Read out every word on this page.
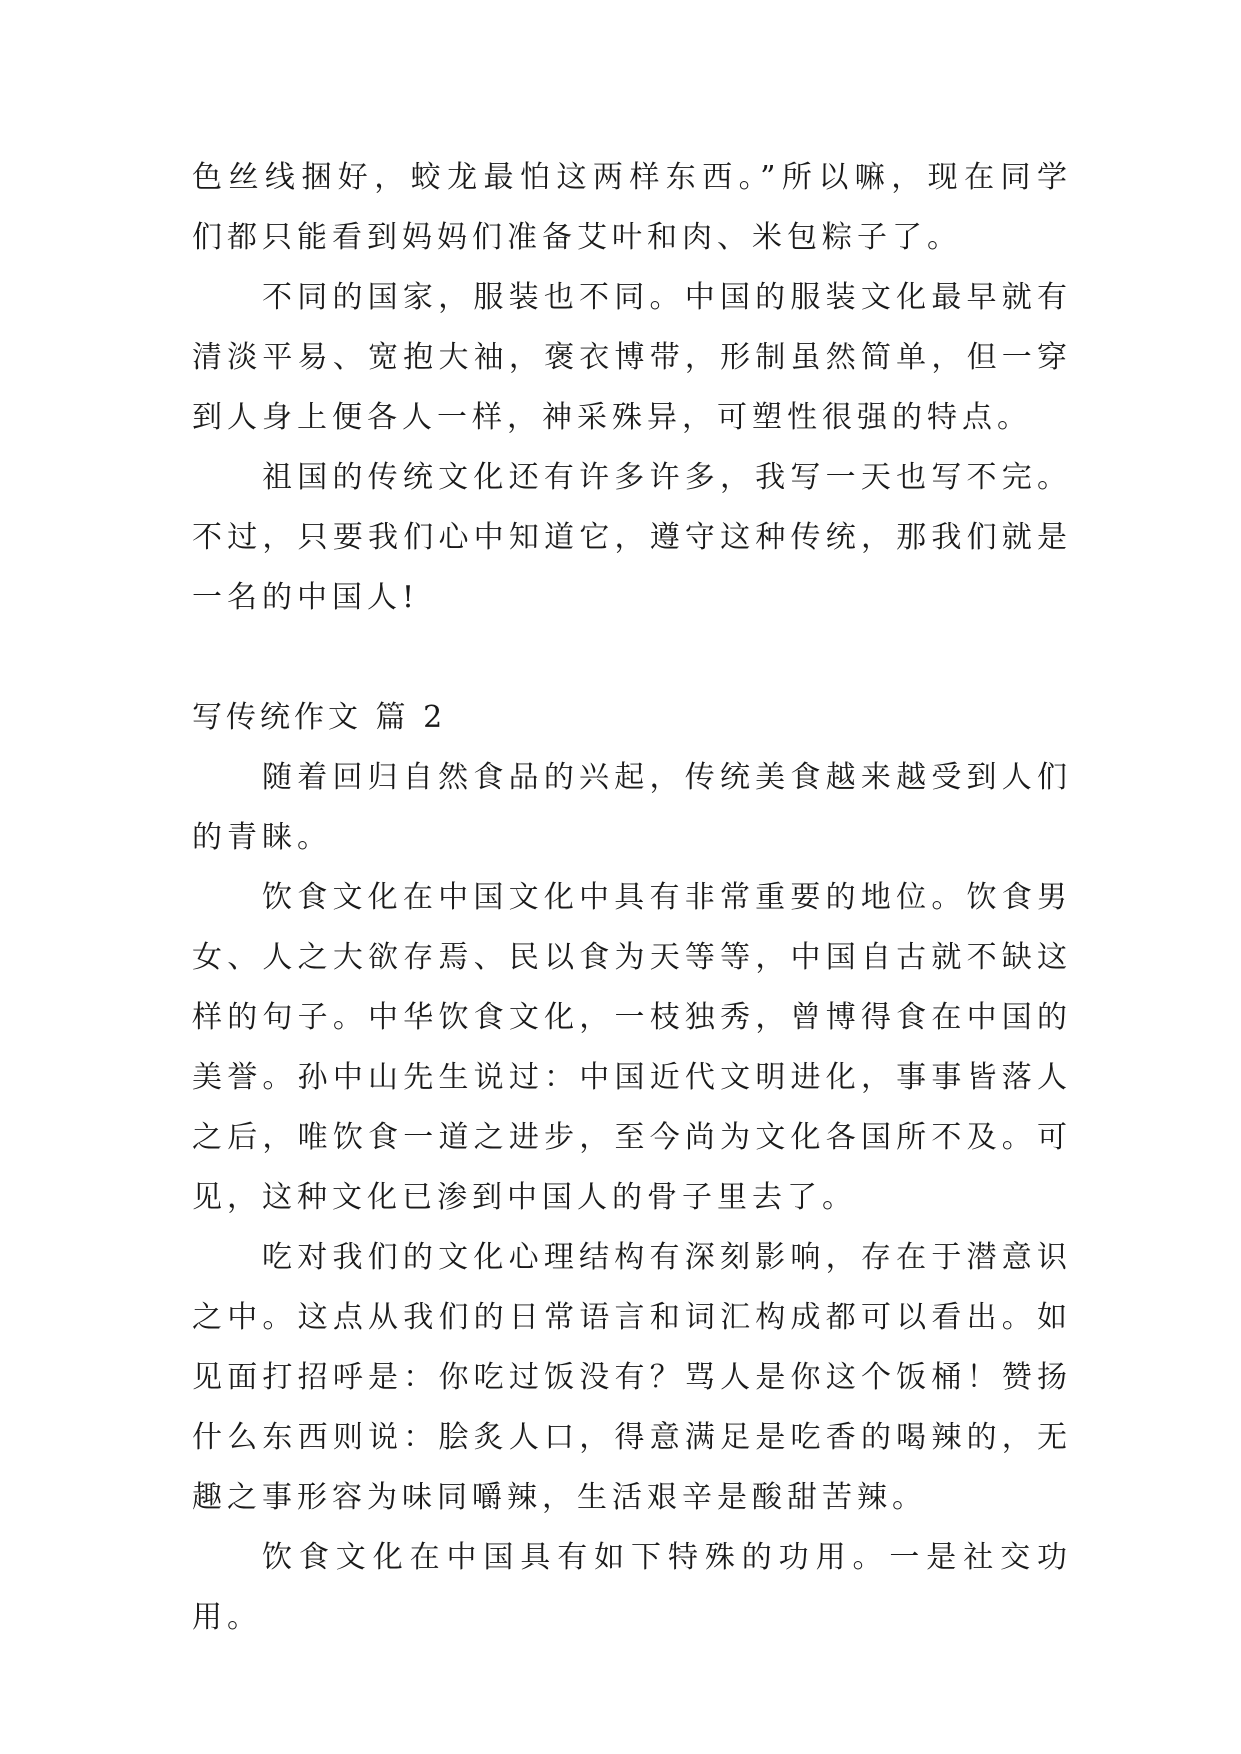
色丝线捆好，蛟龙最怕这两样东西。”所以嘛，现在同学们都只能看到妈妈们准备艾叶和肉、米包粽子了。

不同的国家，服装也不同。中国的服装文化最早就有清淡平易、宽抱大袖，褒衣博带，形制虽然简单，但一穿到人身上便各人一样，神采殊异，可塑性很强的特点。

祖国的传统文化还有许多许多，我写一天也写不完。不过，只要我们心中知道它，遵守这种传统，那我们就是一名的中国人!

写传统作文 篇 2

随着回归自然食品的兴起，传统美食越来越受到人们的青睐。

饮食文化在中国文化中具有非常重要的地位。饮食男女、人之大欲存焉、民以食为天等等，中国自古就不缺这样的句子。中华饮食文化，一枝独秀，曾博得食在中国的美誉。孙中山先生说过：中国近代文明进化，事事皆落人之后，唯饮食一道之进步，至今尚为文化各国所不及。可见，这种文化已渗到中国人的骨子里去了。

吃对我们的文化心理结构有深刻影响，存在于潜意识之中。这点从我们的日常语言和词汇构成都可以看出。如见面打招呼是：你吃过饭没有？骂人是你这个饭桶！赞扬什么东西则说：脍炙人口，得意满足是吃香的喝辣的，无趣之事形容为味同嚼辣，生活艰辛是酸甜苦辣。

饮食文化在中国具有如下特殊的功用。一是社交功用。
